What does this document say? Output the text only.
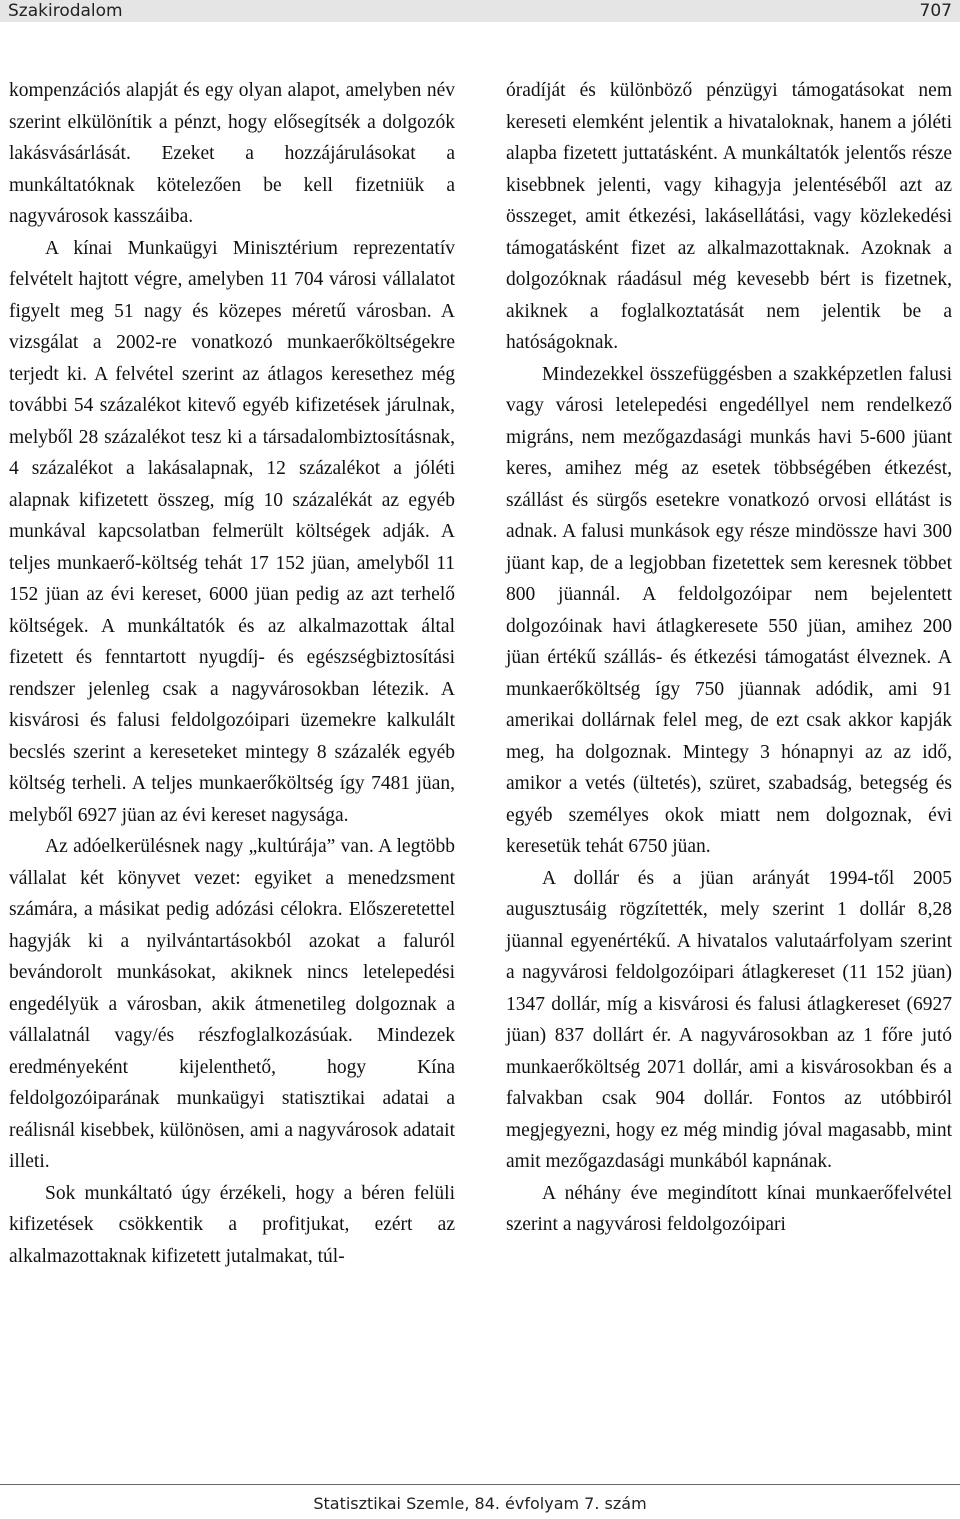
Szakirodalom	707

kompenzációs alapját és egy olyan alapot, amelyben név szerint elkülönítik a pénzt, hogy elősegítsék a dolgozók lakásvásárlását. Ezeket a hozzájárulásokat a munkáltatóknak kötelezően be kell fizetniük a nagyvárosok kasszáiba.

A kínai Munkaügyi Minisztérium reprezentatív felvételt hajtott végre, amelyben 11 704 városi vállalatot figyelt meg 51 nagy és közepes méretű városban. A vizsgálat a 2002-re vonatkozó munkaerőköltségekre terjedt ki. A felvétel szerint az átlagos keresethez még további 54 százalékot kitevő egyéb kifizetések járulnak, melyből 28 százalékot tesz ki a társadalombiztosításnak, 4 százalékot a lakásalapnak, 12 százalékot a jóléti alapnak kifizetett összeg, míg 10 százalékát az egyéb munkával kapcsolatban felmerült költségek adják. A teljes munkaerő-költség tehát 17 152 jüan, amelyből 11 152 jüan az évi kereset, 6000 jüan pedig az azt terhelő költségek. A munkáltatók és az alkalmazottak által fizetett és fenntartott nyugdíj- és egészségbiztosítási rendszer jelenleg csak a nagyvárosokban létezik. A kisvárosi és falusi feldolgozóipari üzemekre kalkulált becslés szerint a kereseteket mintegy 8 százalék egyéb költség terheli. A teljes munkaerőköltség így 7481 jüan, melyből 6927 jüan az évi kereset nagysága.

Az adóelkerülésnek nagy „kultúrája” van. A legtöbb vállalat két könyvet vezet: egyiket a menedzsment számára, a másikat pedig adózási célokra. Előszeretettel hagyják ki a nyilvántartásokból azokat a faluról bevándorolt munkásokat, akiknek nincs letelepedési engedélyük a városban, akik átmenetileg dolgoznak a vállalatnál vagy/és részfoglalkozásúak. Mindezek eredményeként kijelenthető, hogy Kína feldolgozóiparának munkaügyi statisztikai adatai a reálisnál kisebbek, különösen, ami a nagyvárosok adatait illeti.

Sok munkáltató úgy érzékeli, hogy a béren felüli kifizetések csökkentik a profitjukat, ezért az alkalmazottaknak kifizetett jutalmakat, túl-

óradíját és különböző pénzügyi támogatásokat nem kereseti elemként jelentik a hivataloknak, hanem a jóléti alapba fizetett juttatásként. A munkáltatók jelentős része kisebbnek jelenti, vagy kihagyja jelentéséből azt az összeget, amit étkezési, lakásellátási, vagy közlekedési támogatásként fizet az alkalmazottaknak. Azoknak a dolgozóknak ráadásul még kevesebb bért is fizetnek, akiknek a foglalkoztatását nem jelentik be a hatóságoknak.

Mindezekkel összefüggésben a szakképzetlen falusi vagy városi letelepedési engedéllyel nem rendelkező migráns, nem mezőgazdasági munkás havi 5-600 jüant keres, amihez még az esetek többségében étkezést, szállást és sürgős esetekre vonatkozó orvosi ellátást is adnak. A falusi munkások egy része mindössze havi 300 jüant kap, de a legjobban fizetettek sem keresnek többet 800 jüannál. A feldolgozóipar nem bejelentett dolgozóinak havi átlagkeresete 550 jüan, amihez 200 jüan értékű szállás- és étkezési támogatást élveznek. A munkaerőköltség így 750 jüannak adódik, ami 91 amerikai dollárnak felel meg, de ezt csak akkor kapják meg, ha dolgoznak. Mintegy 3 hónapnyi az az idő, amikor a vetés (ültetés), szüret, szabadság, betegség és egyéb személyes okok miatt nem dolgoznak, évi keresetük tehát 6750 jüan.

A dollár és a jüan arányát 1994-től 2005 augusztusáig rögzítették, mely szerint 1 dollár 8,28 jüannal egyenértékű. A hivatalos valutaárfolyam szerint a nagyvárosi feldolgozóipari átlagkereset (11 152 jüan) 1347 dollár, míg a kisvárosi és falusi átlagkereset (6927 jüan) 837 dollárt ér. A nagyvárosokban az 1 főre jutó munkaerőköltség 2071 dollár, ami a kisvárosokban és a falvakban csak 904 dollár. Fontos az utóbbiról megjegyezni, hogy ez még mindig jóval magasabb, mint amit mezőgazdasági munkából kapnának.

A néhány éve megindított kínai munkaerőfelvétel szerint a nagyvárosi feldolgozóipari

Statisztikai Szemle, 84. évfolyam 7. szám
